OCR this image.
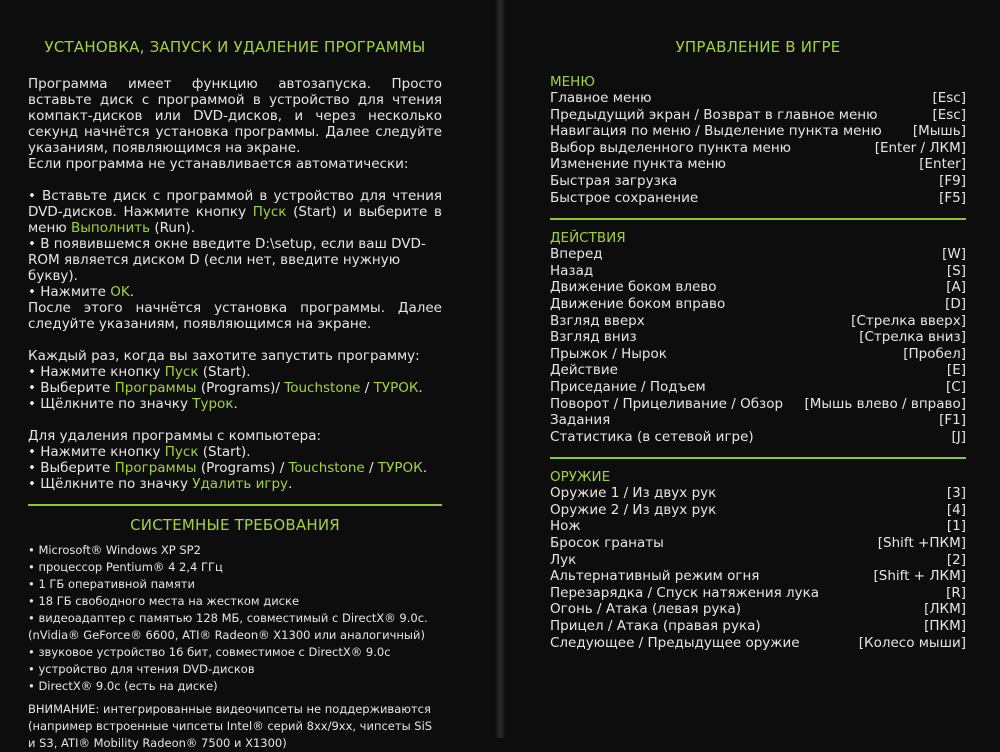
УСТАНОВКА, ЗАПУСК И УДАЛЕНИЕ ПРОГРАММЫ

Программа имеет функцию автозапуска. Просто вставьте диск с программой в устройство для чтения компакт-дисков или DVD-дисков, и через несколько секунд начнётся установка программы. Далее следуйте указаниям, появляющимся на экране.

Если программа не устанавливается автоматически:

• Вставьте диск с программой в устройство для чтения DVD-дисков. Нажмите кнопку Пуск (Start) и выберите в меню Выполнить (Run).

• В появившемся окне введите D:\setup, если ваш DVD-ROM является диском D (если нет, введите нужную букву).

• Нажмите OK.

После этого начнётся установка программы. Далее следуйте указаниям, появляющимся на экране.

Каждый раз, когда вы захотите запустить программу:

• Нажмите кнопку Пуск (Start).

• Выберите Программы (Programs)/ Touchstone / ТУРОК.

• Щёлкните по значку Турок.

Для удаления программы с компьютера:

• Нажмите кнопку Пуск (Start).

• Выберите Программы (Programs) / Touchstone / ТУРОК.

• Щёлкните по значку Удалить игру.

СИСТЕМНЫЕ ТРЕБОВАНИЯ

• Microsoft® Windows XP SP2

• процессор Pentium® 4 2,4 ГГц

• 1 ГБ оперативной памяти

• 18 ГБ свободного места на жестком диске

• видеоадаптер с памятью 128 МБ, совместимый с DirectX® 9.0c.

(nVidia® GeForce® 6600, ATI® Radeon® X1300 или аналогичный)

• звуковое устройство 16 бит, совместимое с DirectX® 9.0c

• устройство для чтения DVD-дисков

• DirectX® 9.0c (есть на диске)

ВНИМАНИЕ: интегрированные видеочипсеты не поддерживаются (например встроенные чипсеты Intel® серий 8xx/9xx, чипсеты SiS и S3, ATI® Mobility Radeon® 7500 и X1300)

УПРАВЛЕНИЕ В ИГРЕ

МЕНЮ

Главное меню	[Esc]
Предыдущий экран / Возврат в главное меню	[Esc]
Навигация по меню / Выделение пункта меню [Мышь]
Выбор выделенного пункта меню	[Enter / ЛКМ]
Изменение пункта меню	[Enter]
Быстрая загрузка	[F9]
Быстрое сохранение	[F5]

ДЕЙСТВИЯ

Вперед	[W]
Назад	[S]
Движение боком влево	[A]
Движение боком вправо	[D]
Взгляд вверх	[Стрелка вверх]
Взгляд вниз	[Стрелка вниз]
Прыжок / Нырок	[Пробел]
Действие	[E]
Приседание / Подъем	[C]
Поворот / Прицеливание / Обзор [Мышь влево / вправо]
Задания	[F1]
Статистика (в сетевой игре)	[J]

ОРУЖИЕ

Оружие 1 / Из двух рук	[3]
Оружие 2 / Из двух рук	[4]
Нож	[1]
Бросок гранаты	[Shift +ПКМ]
Лук	[2]
Альтернативный режим огня	[Shift + ЛКМ]
Перезарядка / Спуск натяжения лука	[R]
Огонь / Атака (левая рука)	[ЛКМ]
Прицел / Атака (правая рука)	[ПКМ]
Следующее / Предыдущее оружие	[Колесо мыши]
